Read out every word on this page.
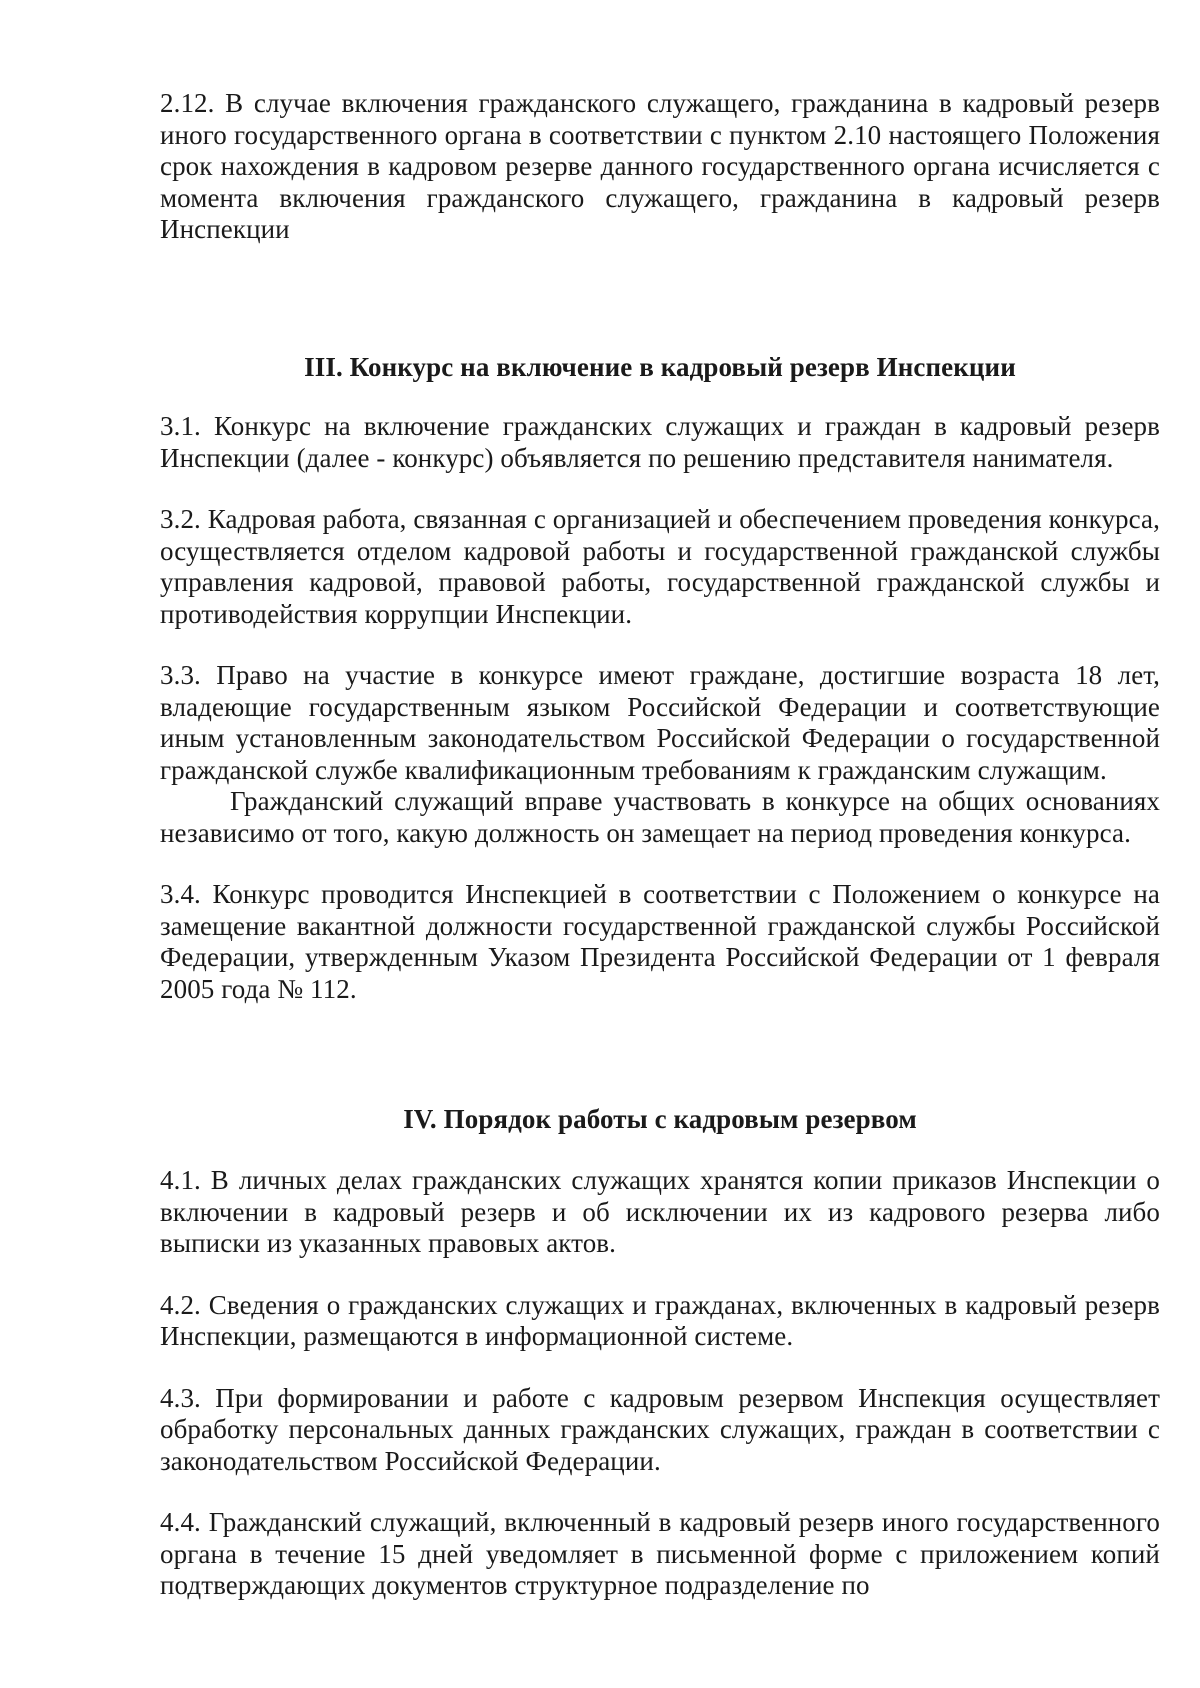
2.12. В случае включения гражданского служащего, гражданина в кадровый резерв иного государственного органа в соответствии с пунктом 2.10 настоящего Положения срок нахождения в кадровом резерве данного государственного органа исчисляется с момента включения гражданского служащего, гражданина в кадровый резерв Инспекции

III. Конкурс на включение в кадровый резерв Инспекции

3.1. Конкурс на включение гражданских служащих и граждан в кадровый резерв Инспекции (далее - конкурс) объявляется по решению представителя нанимателя.

3.2. Кадровая работа, связанная с организацией и обеспечением проведения конкурса, осуществляется отделом кадровой работы и государственной гражданской службы управления кадровой, правовой работы, государственной гражданской службы и противодействия коррупции Инспекции.

3.3. Право на участие в конкурсе имеют граждане, достигшие возраста 18 лет, владеющие государственным языком Российской Федерации и соответствующие иным установленным законодательством Российской Федерации о государственной гражданской службе квалификационным требованиям к гражданским служащим.

Гражданский служащий вправе участвовать в конкурсе на общих основаниях независимо от того, какую должность он замещает на период проведения конкурса.

3.4. Конкурс проводится Инспекцией в соответствии с Положением о конкурсе на замещение вакантной должности государственной гражданской службы Российской Федерации, утвержденным Указом Президента Российской Федерации от 1 февраля 2005 года № 112.

IV. Порядок работы с кадровым резервом

4.1. В личных делах гражданских служащих хранятся копии приказов Инспекции о включении в кадровый резерв и об исключении их из кадрового резерва либо выписки из указанных правовых актов.

4.2. Сведения о гражданских служащих и гражданах, включенных в кадровый резерв Инспекции, размещаются в информационной системе.

4.3. При формировании и работе с кадровым резервом Инспекция осуществляет обработку персональных данных гражданских служащих, граждан в соответствии с законодательством Российской Федерации.

4.4. Гражданский служащий, включенный в кадровый резерв иного государственного органа в течение 15 дней уведомляет в письменной форме с приложением копий подтверждающих документов структурное подразделение по
